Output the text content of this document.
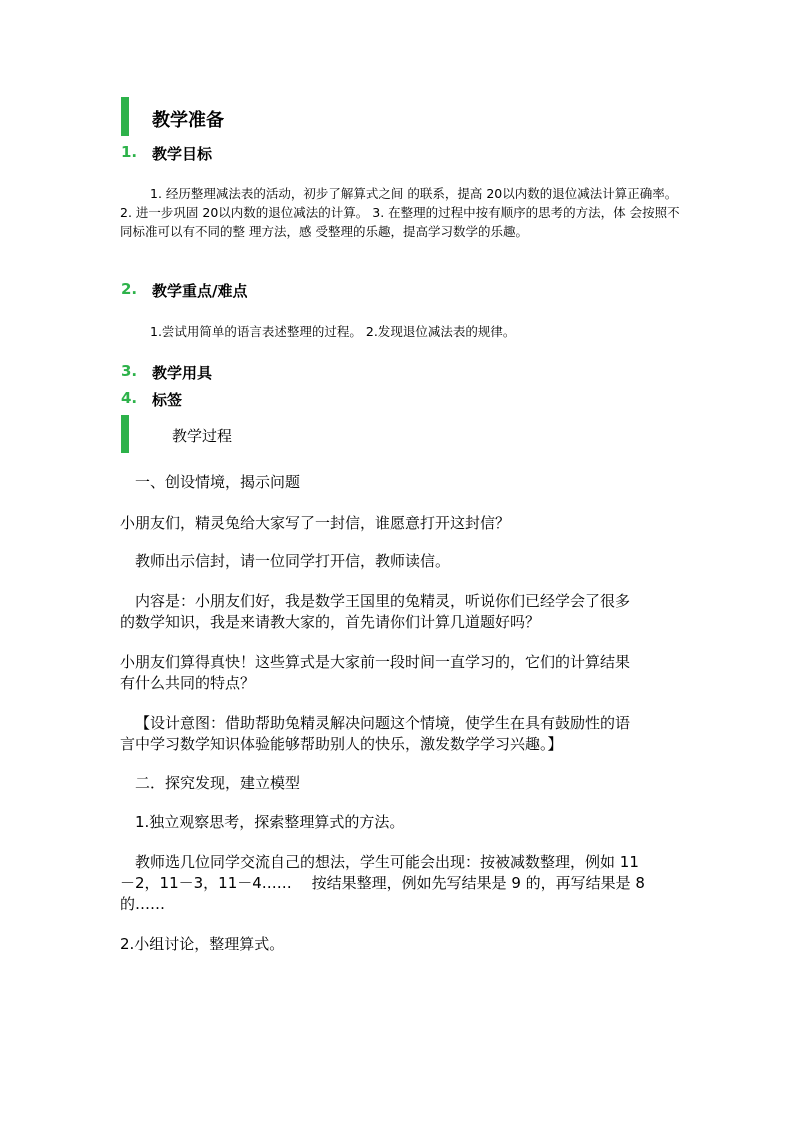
教学准备
1. 教学目标
1. 经历整理减法表的活动，初步了解算式之间 的联系，提高 20以内数的退位减法计算正确率。 2. 进一步巩固 20以内数的退位减法的计算。 3. 在整理的过程中按有顺序的思考的方法，体 会按照不同标准可以有不同的整 理方法，感 受整理的乐趣，提高学习数学的乐趣。
2. 教学重点/难点
1.尝试用简单的语言表述整理的过程。 2.发现退位减法表的规律。
3. 教学用具
4. 标签
教学过程
一、创设情境，揭示问题
小朋友们，精灵兔给大家写了一封信，谁愿意打开这封信？
教师出示信封，请一位同学打开信，教师读信。
内容是：小朋友们好，我是数学王国里的兔精灵，听说你们已经学会了很多
的数学知识，我是来请教大家的，首先请你们计算几道题好吗？
小朋友们算得真快！这些算式是大家前一段时间一直学习的，它们的计算结果
有什么共同的特点？
【设计意图：借助帮助兔精灵解决问题这个情境，使学生在具有鼓励性的语
言中学习数学知识体验能够帮助别人的快乐，激发数学学习兴趣。】
二．探究发现，建立模型
1.独立观察思考，探索整理算式的方法。
教师选几位同学交流自己的想法，学生可能会出现：按被减数整理，例如 11
－2，11－3，11－4……　 按结果整理，例如先写结果是 9 的，再写结果是 8
的……
2.小组讨论，整理算式。
